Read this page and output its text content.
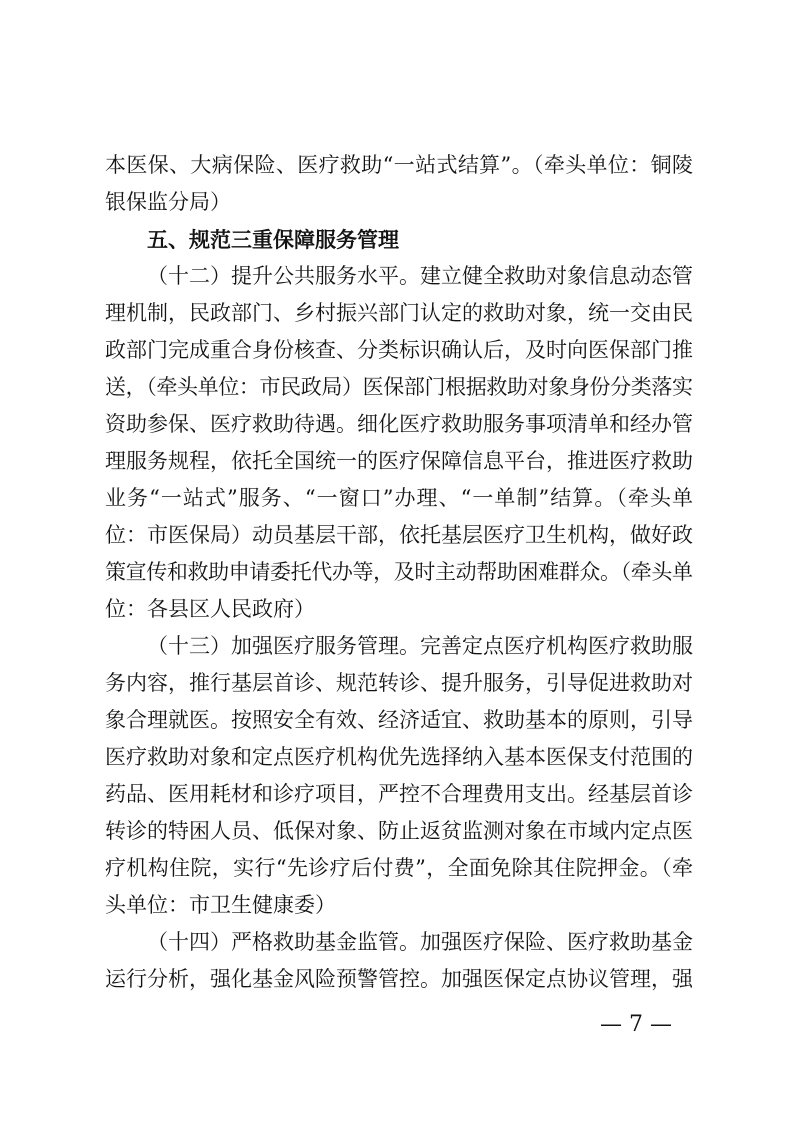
本医保、大病保险、医疗救助“一站式结算”。（牵头单位：铜陵
银保监分局）
五、规范三重保障服务管理
（十二）提升公共服务水平。建立健全救助对象信息动态管
理机制，民政部门、乡村振兴部门认定的救助对象，统一交由民
政部门完成重合身份核查、分类标识确认后，及时向医保部门推
送，（牵头单位：市民政局）医保部门根据救助对象身份分类落实
资助参保、医疗救助待遇。细化医疗救助服务事项清单和经办管
理服务规程，依托全国统一的医疗保障信息平台，推进医疗救助
业务“一站式”服务、“一窗口”办理、“一单制”结算。（牵头单
位：市医保局）动员基层干部，依托基层医疗卫生机构，做好政
策宣传和救助申请委托代办等，及时主动帮助困难群众。（牵头单
位：各县区人民政府）
（十三）加强医疗服务管理。完善定点医疗机构医疗救助服
务内容，推行基层首诊、规范转诊、提升服务，引导促进救助对
象合理就医。按照安全有效、经济适宜、救助基本的原则，引导
医疗救助对象和定点医疗机构优先选择纳入基本医保支付范围的
药品、医用耗材和诊疗项目，严控不合理费用支出。经基层首诊
转诊的特困人员、低保对象、防止返贫监测对象在市域内定点医
疗机构住院，实行“先诊疗后付费”，全面免除其住院押金。（牵
头单位：市卫生健康委）
（十四）严格救助基金监管。加强医疗保险、医疗救助基金
运行分析，强化基金风险预警管控。加强医保定点协议管理，强
— 7 —
